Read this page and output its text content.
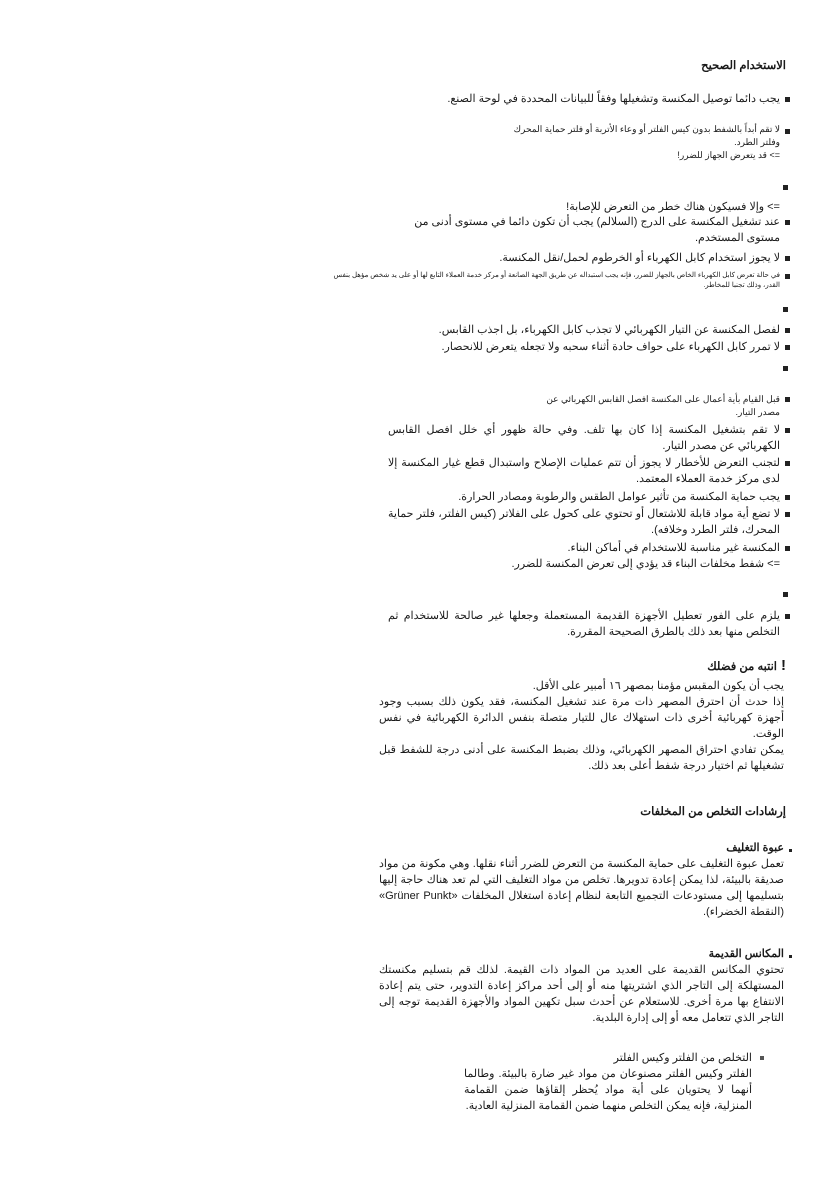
الاستخدام الصحيح
يجب دائما توصيل المكنسة وتشغيلها وفقاً للبيانات المحددة في لوحة الصنع.
لا تقم أبداً بالشفط بدون كيس الفلتر أو وعاء الأتربة أو فلتر حماية المحرك وفلتر الطرد.
=> قد يتعرض الجهاز للضرر!
=> وإلا فسيكون هناك خطر من التعرض للإصابة!
عند تشغيل المكنسة على الدرج (السلالم) يجب أن تكون دائما في مستوى أدنى من مستوى المستخدم.
لا يجوز استخدام كابل الكهرباء أو الخرطوم لحمل/نقل المكنسة.
في حالة تعرض كابل الكهرباء الخاص بالجهاز للضرر، فإنه يجب استبداله عن طريق الجهة الصانعة أو مركز خدمة العملاء التابع لها أو على يد شخص مؤهل بنفس القدر، وذلك تجنبا للمخاطر.
لفصل المكنسة عن التيار الكهربائي لا تجذب كابل الكهرباء، بل اجذب القابس.
لا تمرر كابل الكهرباء على حواف حادة أثناء سحبه ولا تجعله يتعرض للانحصار.
قبل القيام بأية أعمال على المكنسة افصل القابس الكهربائي عن مصدر التيار.
لا تقم بتشغيل المكنسة إذا كان بها تلف. وفي حالة ظهور أي خلل افصل القابس الكهربائي عن مصدر التيار.
لتجنب التعرض للأخطار لا يجوز أن تتم عمليات الإصلاح واستبدال قطع غيار المكنسة إلا لدى مركز خدمة العملاء المعتمد.
يجب حماية المكنسة من تأثير عوامل الطقس والرطوبة ومصادر الحرارة.
لا تضع أية مواد قابلة للاشتعال أو تحتوي على كحول على الفلاتر (كيس الفلتر، فلتر حماية المحرك، فلتر الطرد وخلافه).
المكنسة غير مناسبة للاستخدام في أماكن البناء.
=> شفط مخلفات البناء قد يؤدي إلى تعرض المكنسة للضرر.
يلزم على الفور تعطيل الأجهزة القديمة المستعملة وجعلها غير صالحة للاستخدام ثم التخلص منها بعد ذلك بالطرق الصحيحة المقررة.
!انتبه من فضلك
يجب أن يكون المقبس مؤمنا بمصهر ١٦ أمبير على الأقل.
إذا حدث أن احترق المصهر ذات مرة عند تشغيل المكنسة، فقد يكون ذلك بسبب وجود أجهزة كهربائية أخرى ذات استهلاك عال للتيار متصلة بنفس الدائرة الكهربائية في نفس الوقت.
يمكن تفادي احتراق المصهر الكهربائي، وذلك بضبط المكنسة على أدنى درجة للشفط قبل تشغيلها ثم اختيار درجة شفط أعلى بعد ذلك.
إرشادات التخلص من المخلفات
عبوة التغليف
تعمل عبوة التغليف على حماية المكنسة من التعرض للضرر أثناء نقلها. وهي مكونة من مواد صديقة بالبيئة، لذا يمكن إعادة تدويرها. تخلص من مواد التغليف التي لم تعد هناك حاجة إليها بتسليمها إلى مستودعات التجميع التابعة لنظام إعادة استغلال المخلفات «Grüner Punkt» (النقطة الخضراء).
المكانس القديمة
تحتوي المكانس القديمة على العديد من المواد ذات القيمة. لذلك قم بتسليم مكنستك المستهلكة إلى التاجر الذي اشتريتها منه أو إلى أحد مراكز إعادة التدوير، حتى يتم إعادة الانتفاع بها مرة أخرى. للاستعلام عن أحدث سبل تكهين المواد والأجهزة القديمة توجه إلى التاجر الذي تتعامل معه أو إلى إدارة البلدية.
التخلص من الفلتر وكيس الفلتر
الفلتر وكيس الفلتر مصنوعان من مواد غير ضارة بالبيئة. وطالما أنهما لا يحتويان على أية مواد يُحظر إلقاؤها ضمن القمامة المنزلية، فإنه يمكن التخلص منهما ضمن القمامة المنزلية العادية.
